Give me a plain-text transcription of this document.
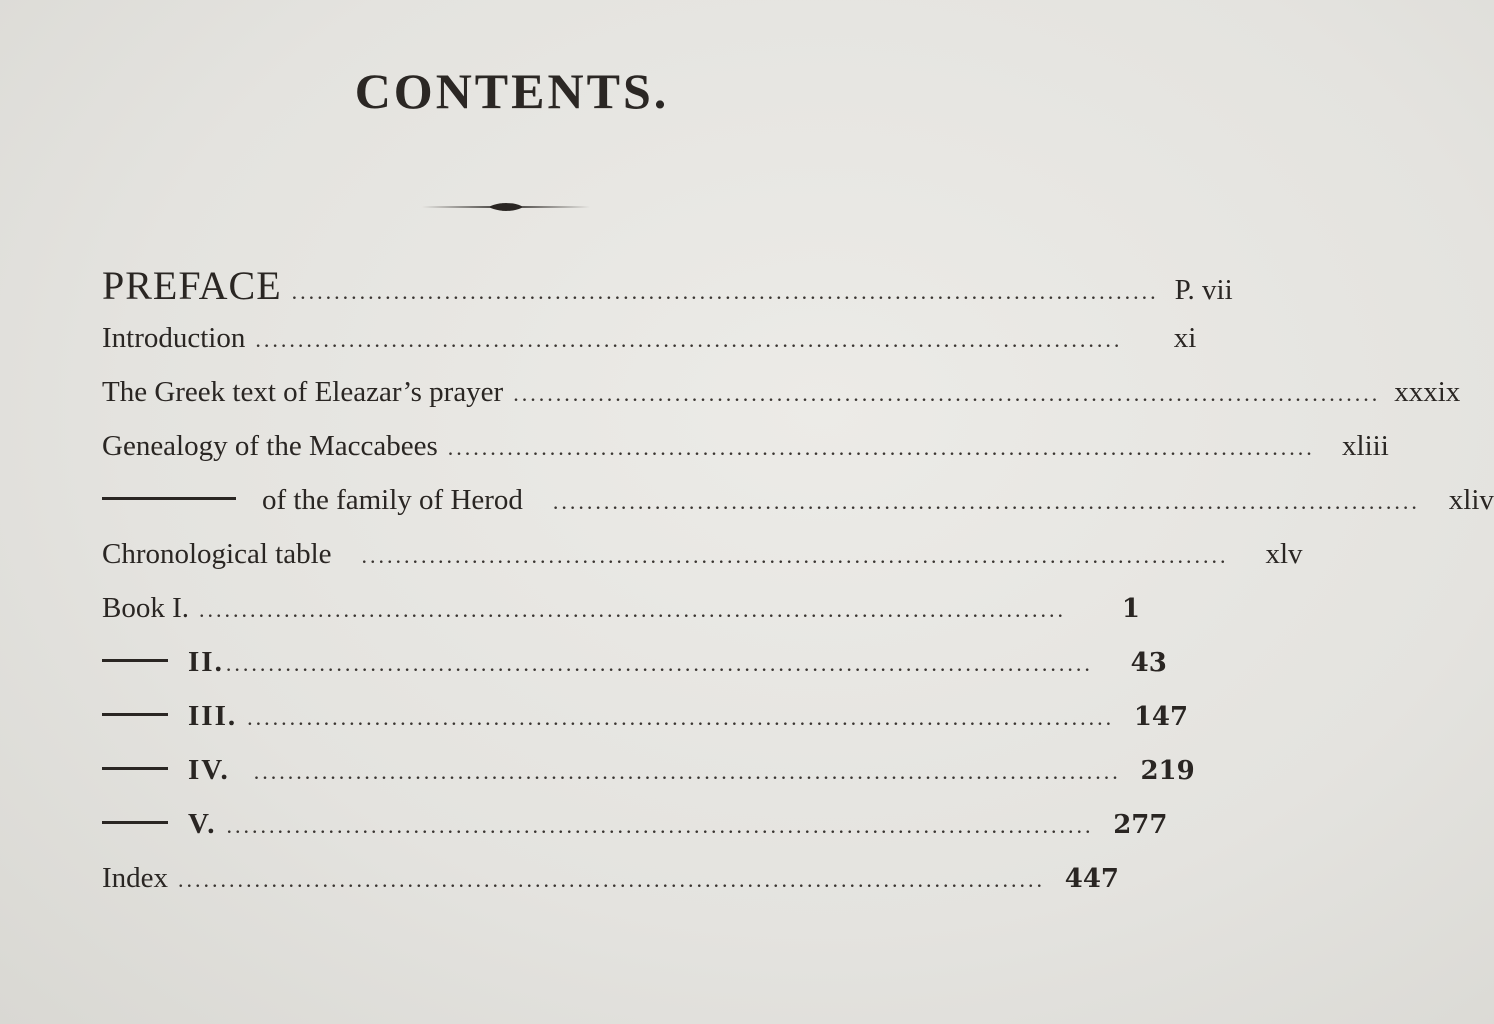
CONTENTS.
PREFACE ...................................................................................................... P. vii
Introduction ......................................................................................................	xi
The Greek text of Eleazar’s prayer ...................................................................................................... xxxix
Genealogy of the Maccabees ...................................................................................................... xliii
of the family of Herod ...................................................................................................... xliv
Chronological table ......................................................................................................	xlv
Book I. ......................................................................................................	1
II. ......................................................................................................	43
III. ...................................................................................................... 147
IV. ...................................................................................................... 219
V. ...................................................................................................... 277
Index ...................................................................................................... 447
